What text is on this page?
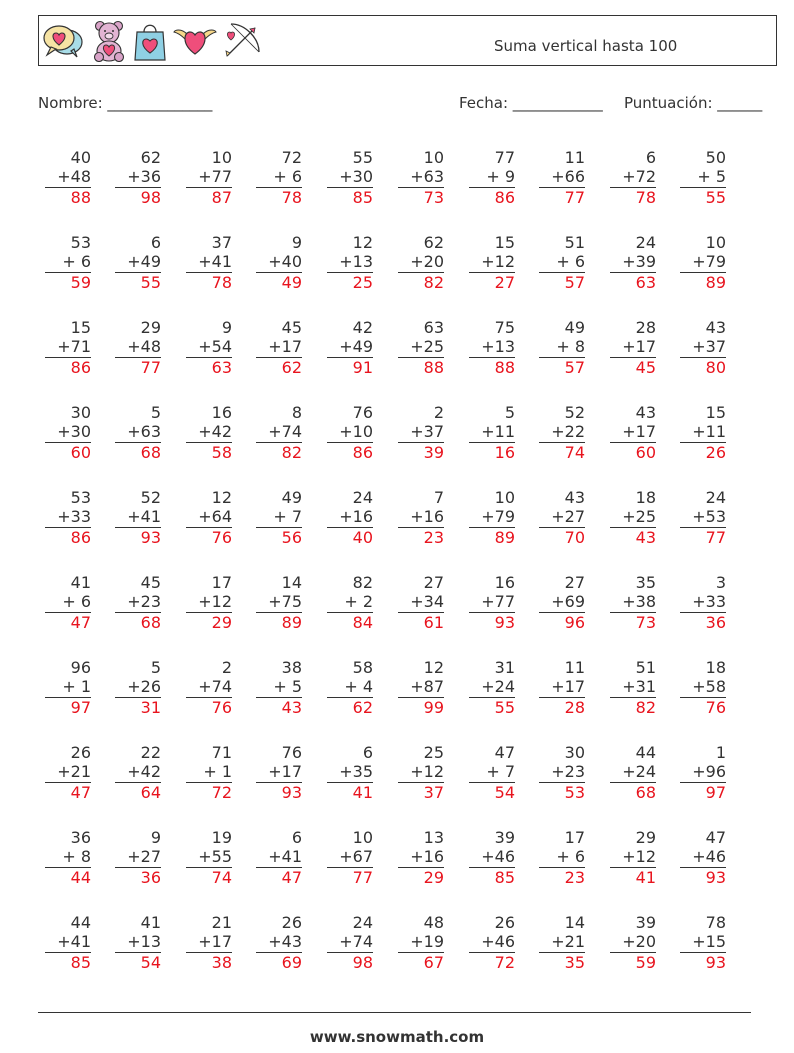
Suma vertical hasta 100
Nombre: ______________	Fecha: ____________ Puntuación: ______
40
+48
88
62
+36
98
10
+77
87
72
+ 6
78
55
+30
85
10
+63
73
77
+ 9
86
11
+66
77
6
+72
78
50
+ 5
55
53
+ 6
59
6
+49
55
37
+41
78
9
+40
49
12
+13
25
62
+20
82
15
+12
27
51
+ 6
57
24
+39
63
10
+79
89
15
+71
86
29
+48
77
9
+54
63
45
+17
62
42
+49
91
63
+25
88
75
+13
88
49
+ 8
57
28
+17
45
43
+37
80
30
+30
60
5
+63
68
16
+42
58
8
+74
82
76
+10
86
2
+37
39
5
+11
16
52
+22
74
43
+17
60
15
+11
26
53
+33
86
52
+41
93
12
+64
76
49
+ 7
56
24
+16
40
7
+16
23
10
+79
89
43
+27
70
18
+25
43
24
+53
77
41
+ 6
47
45
+23
68
17
+12
29
14
+75
89
82
+ 2
84
27
+34
61
16
+77
93
27
+69
96
35
+38
73
3
+33
36
96
+ 1
97
5
+26
31
2
+74
76
38
+ 5
43
58
+ 4
62
12
+87
99
31
+24
55
11
+17
28
51
+31
82
18
+58
76
26
+21
47
22
+42
64
71
+ 1
72
76
+17
93
6
+35
41
25
+12
37
47
+ 7
54
30
+23
53
44
+24
68
1
+96
97
36
+ 8
44
9
+27
36
19
+55
74
6
+41
47
10
+67
77
13
+16
29
39
+46
85
17
+ 6
23
29
+12
41
47
+46
93
44
+41
85
41
+13
54
21
+17
38
26
+43
69
24
+74
98
48
+19
67
26
+46
72
14
+21
35
39
+20
59
78
+15
93
www.snowmath.com
